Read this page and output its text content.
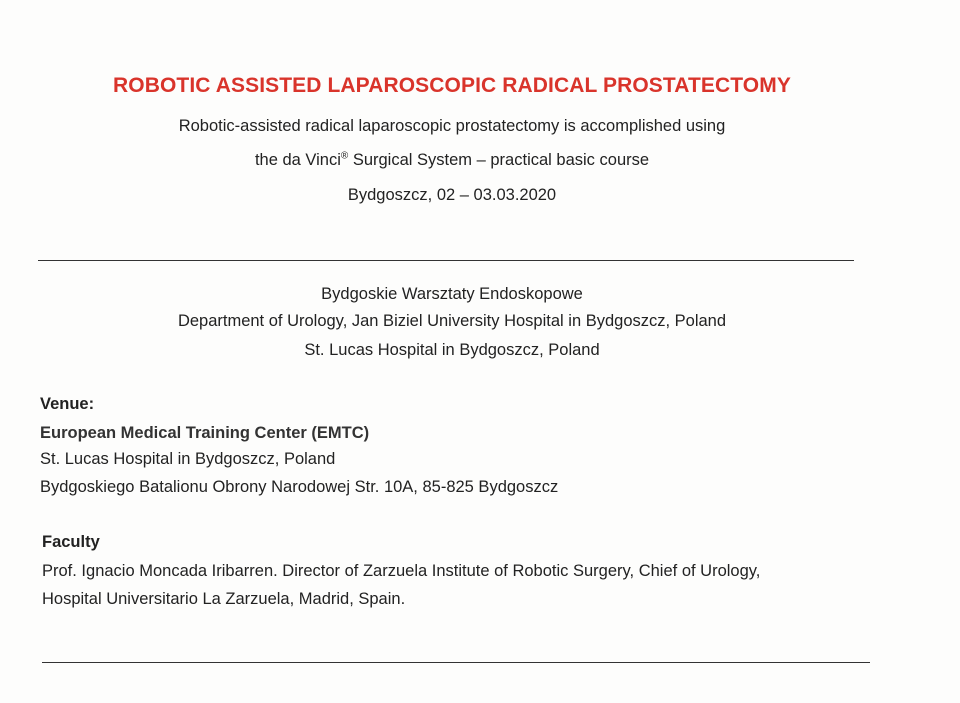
ROBOTIC ASSISTED LAPAROSCOPIC RADICAL PROSTATECTOMY
Robotic-assisted radical laparoscopic prostatectomy is accomplished using
the da Vinci® Surgical System – practical basic course
Bydgoszcz, 02 – 03.03.2020
Bydgoskie Warsztaty Endoskopowe
Department of Urology, Jan Biziel University Hospital in Bydgoszcz, Poland
St. Lucas Hospital in Bydgoszcz, Poland
Venue:
European Medical Training Center (EMTC)
St. Lucas Hospital in Bydgoszcz, Poland
Bydgoskiego Batalionu Obrony Narodowej Str. 10A, 85-825 Bydgoszcz
Faculty
Prof. Ignacio Moncada Iribarren. Director of Zarzuela Institute of Robotic Surgery, Chief of Urology,
Hospital Universitario La Zarzuela, Madrid, Spain.
